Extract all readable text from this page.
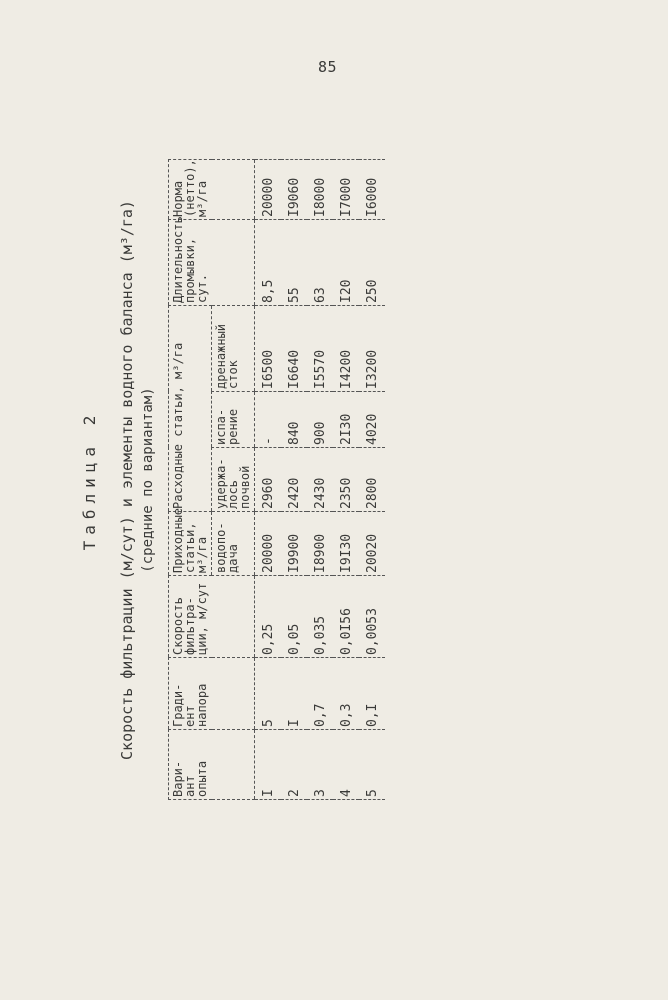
85
Таблица 2 Скорость фильтрации (м/сут) и элементы водного баланса (м³/га) (средние по вариантам)
Вари- ант опыта	Гради- ент напора	Скорость фильтра- ции, м/сут	Приходные статьи, м³/га	Расходные статьи, м³/га			Длительность промывки, сут.	Норма (нетто), м³/га
			водопо- дача	удержа- лось почвой	испа- рение	дренажный сток		
I	5	0,25	20000	2960	-	I6500	8,5	20000
2	I	0,05	I9900	2420	840	I6640	55	I9060
3	0,7	0,035	I8900	2430	900	I5570	63	I8000
4	0,3	0,0I56	I9I30	2350	2I30	I4200	I20	I7000
5	0,I	0,0053	20020	2800	4020	I3200	250	I6000
